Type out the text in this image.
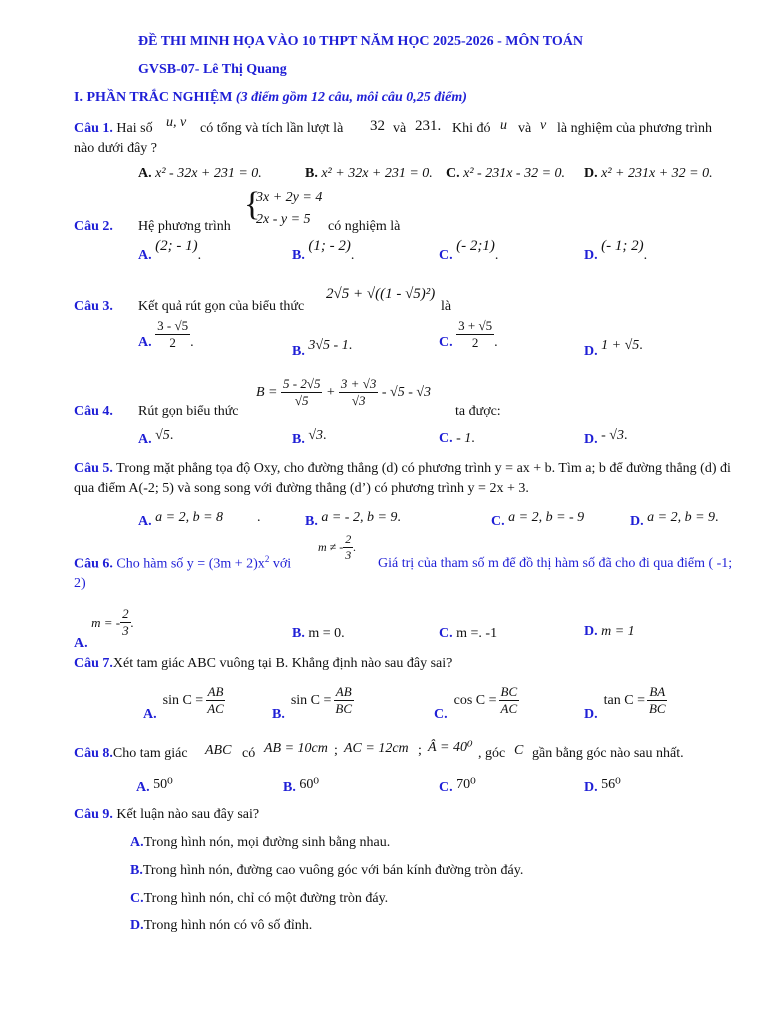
ĐỀ THI MINH HỌA VÀO 10 THPT NĂM HỌC 2025-2026 - MÔN TOÁN
GVSB-07- Lê Thị Quang
I. PHẦN TRẮC NGHIỆM (3 điểm gồm 12 câu, môi câu 0,25 điểm)
Câu 1. Hai số u, v có tổng và tích lần lượt là 32 và 231. Khi đó u và v là nghiệm của phương trình
nào dưới đây ?
A. x² - 32x + 231 = 0.	B. x² + 32x + 231 = 0. C. x² - 231x - 32 = 0. D. x² + 231x + 32 = 0.
Câu 2. Hệ phương trình
{
3x + 2y = 4
2x - y = 5 có nghiệm là
A. (2; - 1).	B. (1; - 2).	C. (- 2;1).	D. (- 1; 2).
Câu 3. Kết quả rút gọn của biểu thức
2√5 + √((1 - √5)²)
là
A. $\frac{3 - √5}{2}$ .
B. 3√5 - 1.	C. $\frac{3 + √5}{2}$ .
D. 1 + √5.
Câu 4. Rút gọn biểu thức
B =
$\frac{5 - 2√5}{√5} + \frac{3 + √3}{√3}$
- √5 - √3
ta được:
A. √5.	B. √3.	C. - 1.	D. - √3.
Câu 5. Trong mặt phẳng tọa độ Oxy, cho đường thẳng (d) có phương trình y = ax + b. Tìm a; b để đường thẳng (d) đi qua điểm A(-2; 5) và song song với đường thẳng (d’) có phương trình y = 2x + 3.
A. a = 2, b = 8 .	B. a = - 2, b = 9.	C. a = 2, b = - 9	D. a = 2, b = 9.
Câu 6. Cho hàm số $y = (3m + 2)x^2$ với
m ≠ - $\frac{2}{3}$ .
Giá trị của tham số m để đồ thị hàm số đã cho đi qua điểm ( -1; 2)
A.
m = - $\frac{2}{3}$ .
B. m = 0.	C. m =. -1	D. m = 1
Câu 7.Xét tam giác ABC vuông tại B. Khẳng định nào sau đây sai?
A.
$\sin C = \frac{AB}{AC}$	B.
$\sin C = \frac{AB}{BC}$	C.
$\cos C = \frac{BC}{AC}$	D.
$\tan C = \frac{BA}{BC}$
Câu 8.Cho tam giác ABC có AB = 10cm ; AC = 12cm ; Â = 40⁰ , góc C gần bằng góc nào sau nhất.
A. 50⁰	B. 60⁰	C. 70⁰	D. 56⁰
Câu 9. Kết luận nào sau đây sai?
A.Trong hình nón, mọi đường sinh bằng nhau.
B.Trong hình nón, đường cao vuông góc với bán kính đường tròn đáy.
C.Trong hình nón, chỉ có một đường tròn đáy.
D.Trong hình nón có vô số đỉnh.
